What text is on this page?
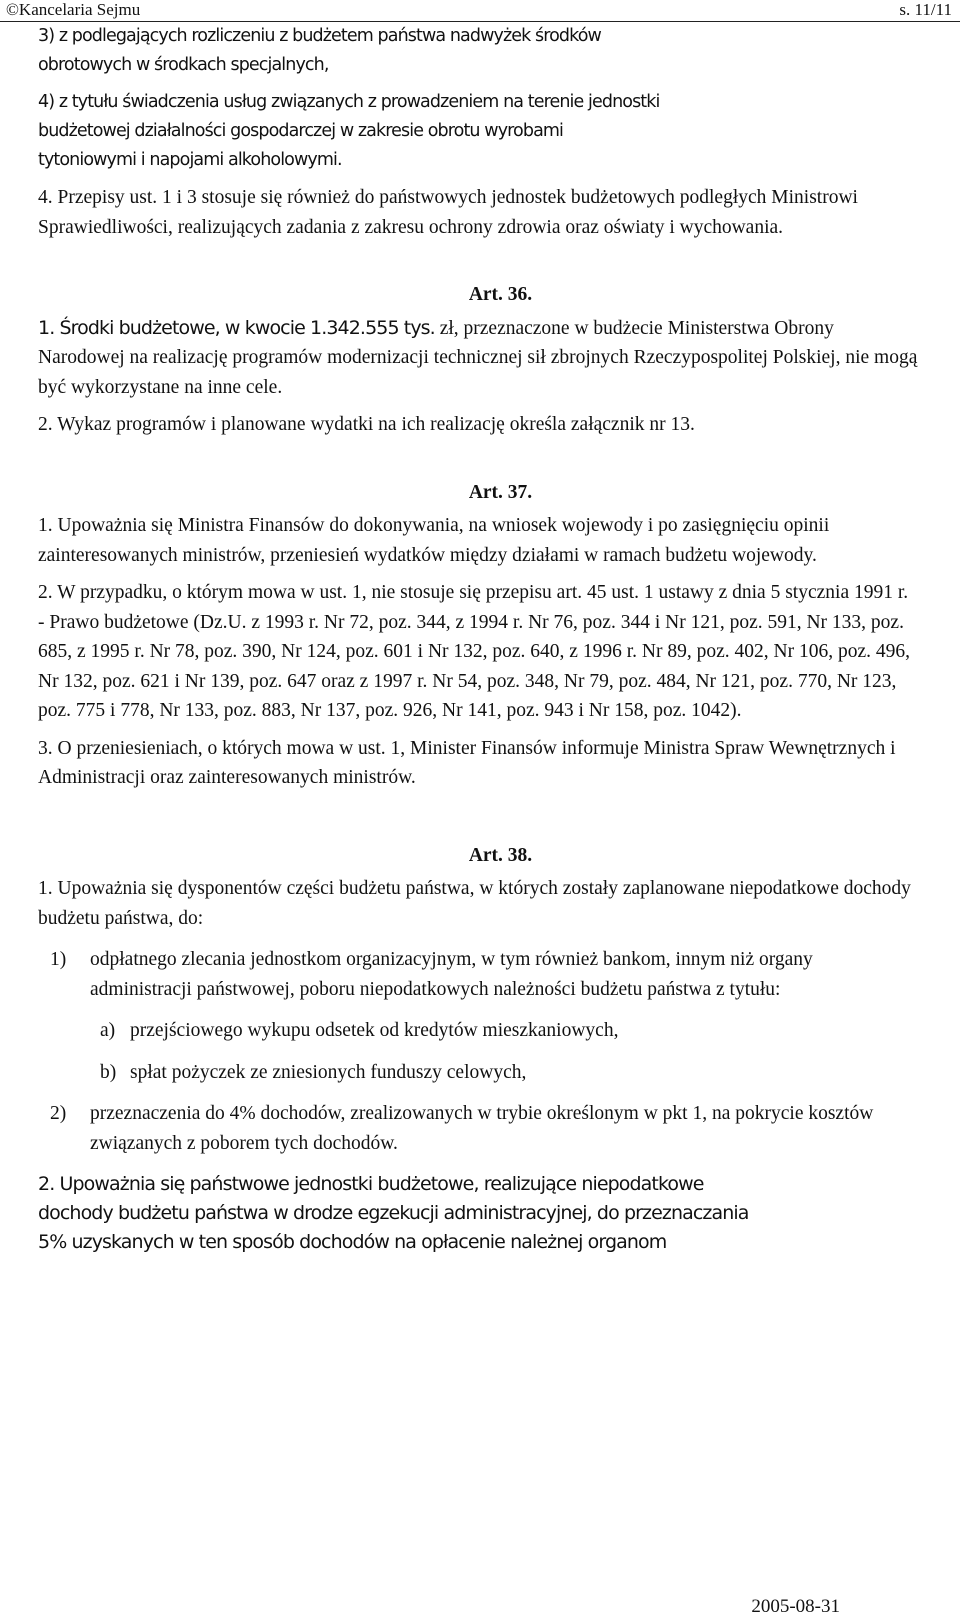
©Kancelaria Sejmu	s. 11/11
3) z podlegających rozliczeniu z budżetem państwa nadwyżek środków
obrotowych w środkach specjalnych,
4) z tytułu świadczenia usług związanych z prowadzeniem na terenie jednostki
budżetowej działalności gospodarczej w zakresie obrotu wyrobami
tytoniowymi i napojami alkoholowymi.

4. Przepisy ust. 1 i 3 stosuje się również do państwowych jednostek budżetowych podległych Ministrowi Sprawiedliwości, realizujących zadania z zakresu ochrony zdrowia oraz oświaty i wychowania.

Art. 36.

1. Środki budżetowe, w kwocie 1.342.555 tys. zł, przeznaczone w budżecie Ministerstwa Obrony Narodowej na realizację programów modernizacji technicznej sił zbrojnych Rzeczypospolitej Polskiej, nie mogą być wykorzystane na inne cele.

2. Wykaz programów i planowane wydatki na ich realizację określa załącznik nr 13.

Art. 37.

1. Upoważnia się Ministra Finansów do dokonywania, na wniosek wojewody i po zasięgnięciu opinii zainteresowanych ministrów, przeniesień wydatków między działami w ramach budżetu wojewody.

2. W przypadku, o którym mowa w ust. 1, nie stosuje się przepisu art. 45 ust. 1 ustawy z dnia 5 stycznia 1991 r. - Prawo budżetowe (Dz.U. z 1993 r. Nr 72, poz. 344, z 1994 r. Nr 76, poz. 344 i Nr 121, poz. 591, Nr 133, poz. 685, z 1995 r. Nr 78, poz. 390, Nr 124, poz. 601 i Nr 132, poz. 640, z 1996 r. Nr 89, poz. 402, Nr 106, poz. 496, Nr 132, poz. 621 i Nr 139, poz. 647 oraz z 1997 r. Nr 54, poz. 348, Nr 79, poz. 484, Nr 121, poz. 770, Nr 123, poz. 775 i 778, Nr 133, poz. 883, Nr 137, poz. 926, Nr 141, poz. 943 i Nr 158, poz. 1042).

3. O przeniesieniach, o których mowa w ust. 1, Minister Finansów informuje Ministra Spraw Wewnętrznych i Administracji oraz zainteresowanych ministrów.

Art. 38.

1. Upoważnia się dysponentów części budżetu państwa, w których zostały zaplanowane niepodatkowe dochody budżetu państwa, do:

1) odpłatnego zlecania jednostkom organizacyjnym, w tym również bankom, innym niż organy administracji państwowej, poboru niepodatkowych należności budżetu państwa z tytułu:

a) przejściowego wykupu odsetek od kredytów mieszkaniowych,

b) spłat pożyczek ze zniesionych funduszy celowych,

2) przeznaczenia do 4% dochodów, zrealizowanych w trybie określonym w pkt 1, na pokrycie kosztów związanych z poborem tych dochodów.

2. Upoważnia się państwowe jednostki budżetowe, realizujące niepodatkowe
dochody budżetu państwa w drodze egzekucji administracyjnej, do przeznaczania
5% uzyskanych w ten sposób dochodów na opłacenie należnej organom
2005-08-31
